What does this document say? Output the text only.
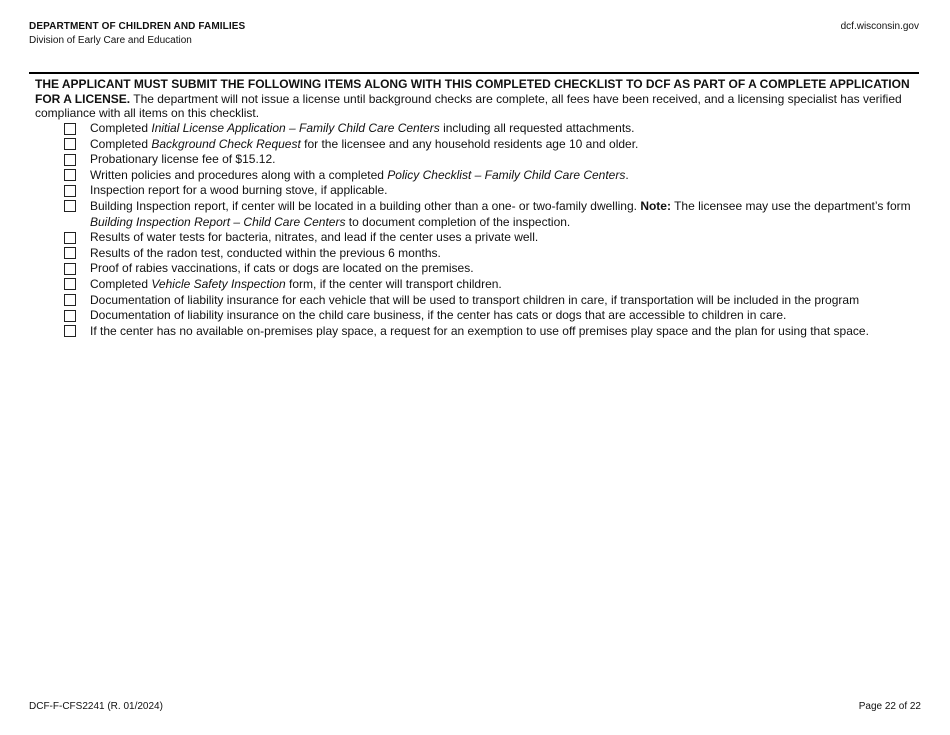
DEPARTMENT OF CHILDREN AND FAMILIES
Division of Early Care and Education
dcf.wisconsin.gov
THE APPLICANT MUST SUBMIT THE FOLLOWING ITEMS ALONG WITH THIS COMPLETED CHECKLIST TO DCF AS PART OF A COMPLETE APPLICATION FOR A LICENSE. The department will not issue a license until background checks are complete, all fees have been received, and a licensing specialist has verified compliance with all items on this checklist.
Completed Initial License Application – Family Child Care Centers including all requested attachments.
Completed Background Check Request for the licensee and any household residents age 10 and older.
Probationary license fee of $15.12.
Written policies and procedures along with a completed Policy Checklist – Family Child Care Centers.
Inspection report for a wood burning stove, if applicable.
Building Inspection report, if center will be located in a building other than a one- or two-family dwelling. Note: The licensee may use the department’s form Building Inspection Report – Child Care Centers to document completion of the inspection.
Results of water tests for bacteria, nitrates, and lead if the center uses a private well.
Results of the radon test, conducted within the previous 6 months.
Proof of rabies vaccinations, if cats or dogs are located on the premises.
Completed Vehicle Safety Inspection form, if the center will transport children.
Documentation of liability insurance for each vehicle that will be used to transport children in care, if transportation will be included in the program
Documentation of liability insurance on the child care business, if the center has cats or dogs that are accessible to children in care.
If the center has no available on-premises play space, a request for an exemption to use off premises play space and the plan for using that space.
DCF-F-CFS2241 (R. 01/2024)	Page 22 of 22
